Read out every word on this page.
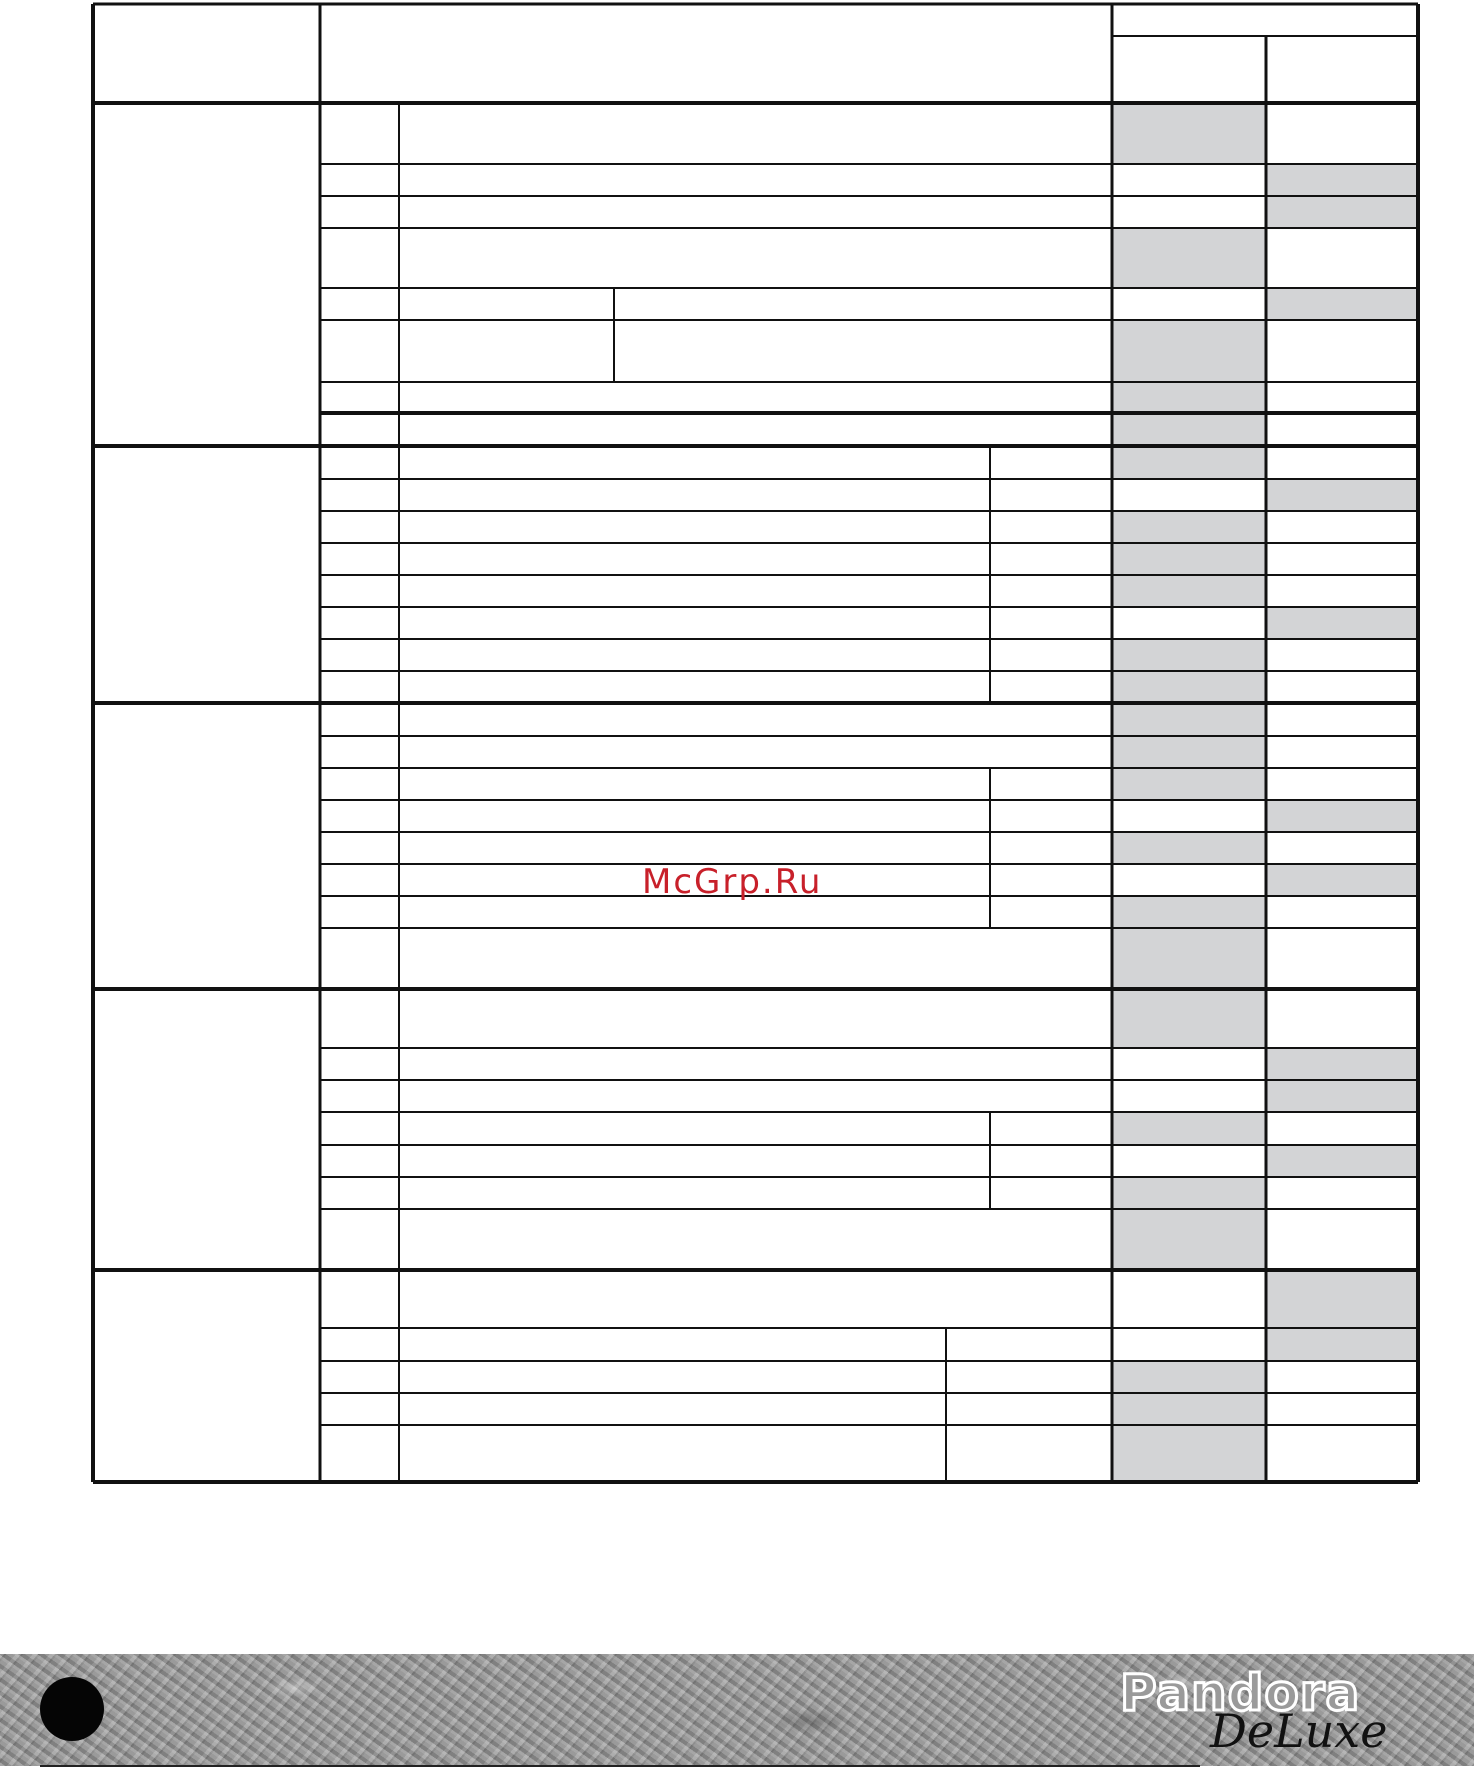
McGrp.Ru
Pandora
DeLuxe
